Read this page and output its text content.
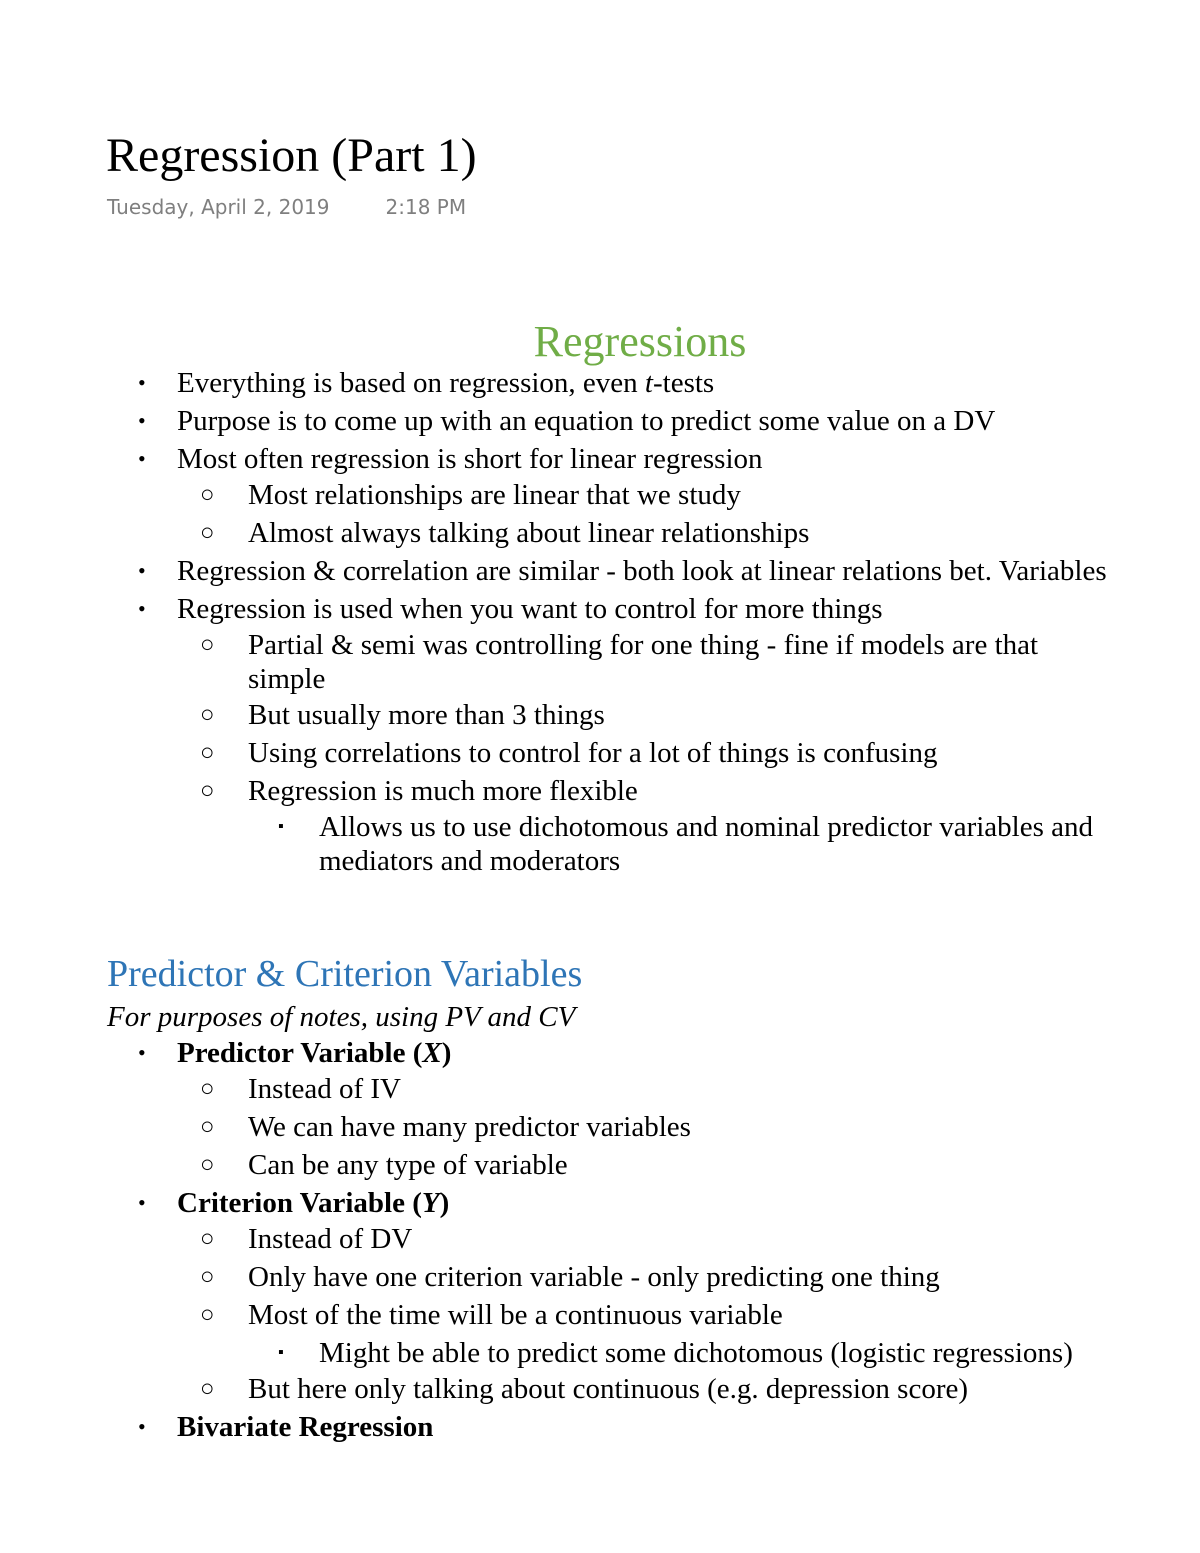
Regression (Part 1)
Tuesday, April 2, 2019	2:18 PM
Regressions
• Everything is based on regression, even t-tests
• Purpose is to come up with an equation to predict some value on a DV
• Most often regression is short for linear regression
○ Most relationships are linear that we study
○ Almost always talking about linear relationships
• Regression & correlation are similar - both look at linear relations bet. Variables
• Regression is used when you want to control for more things
○ Partial & semi was controlling for one thing - fine if models are that simple
○ But usually more than 3 things
○ Using correlations to control for a lot of things is confusing
○ Regression is much more flexible
▪ Allows us to use dichotomous and nominal predictor variables and mediators and moderators
Predictor & Criterion Variables
For purposes of notes, using PV and CV
• Predictor Variable (X)
○ Instead of IV
○ We can have many predictor variables
○ Can be any type of variable
• Criterion Variable (Y)
○ Instead of DV
○ Only have one criterion variable - only predicting one thing
○ Most of the time will be a continuous variable
▪ Might be able to predict some dichotomous (logistic regressions)
○ But here only talking about continuous (e.g. depression score)
• Bivariate Regression
